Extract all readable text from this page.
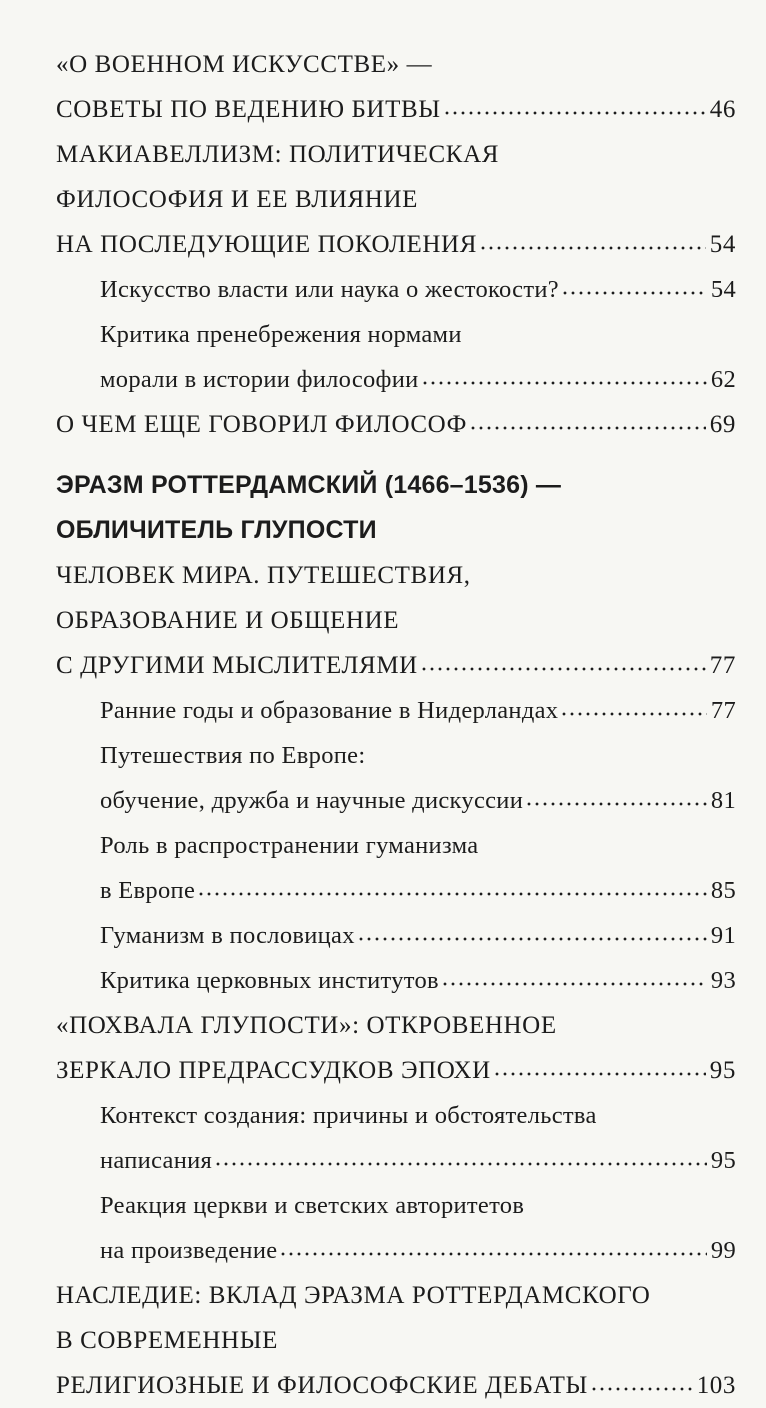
«О ВОЕННОМ ИСКУССТВЕ» —
СОВЕТЫ ПО ВЕДЕНИЮ БИТВЫ	46
МАКИАВЕЛЛИЗМ: ПОЛИТИЧЕСКАЯ
ФИЛОСОФИЯ И ЕЕ ВЛИЯНИЕ
НА ПОСЛЕДУЮЩИЕ ПОКОЛЕНИЯ	54
Искусство власти или наука о жестокости?	54
Критика пренебрежения нормами
морали в истории философии	62
О ЧЕМ ЕЩЕ ГОВОРИЛ ФИЛОСОФ	69
ЭРАЗМ РОТТЕРДАМСКИЙ (1466–1536) —
ОБЛИЧИТЕЛЬ ГЛУПОСТИ
ЧЕЛОВЕК МИРА. ПУТЕШЕСТВИЯ,
ОБРАЗОВАНИЕ И ОБЩЕНИЕ
С ДРУГИМИ МЫСЛИТЕЛЯМИ	77
Ранние годы и образование в Нидерландах	77
Путешествия по Европе:
обучение, дружба и научные дискуссии	81
Роль в распространении гуманизма
в Европе	85
Гуманизм в пословицах	91
Критика церковных институтов	93
«ПОХВАЛА ГЛУПОСТИ»: ОТКРОВЕННОЕ
ЗЕРКАЛО ПРЕДРАССУДКОВ ЭПОХИ	95
Контекст создания: причины и обстоятельства
написания	95
Реакция церкви и светских авторитетов
на произведение	99
НАСЛЕДИЕ: ВКЛАД ЭРАЗМА РОТТЕРДАМСКОГО
В СОВРЕМЕННЫЕ
РЕЛИГИОЗНЫЕ И ФИЛОСОФСКИЕ ДЕБАТЫ	103
